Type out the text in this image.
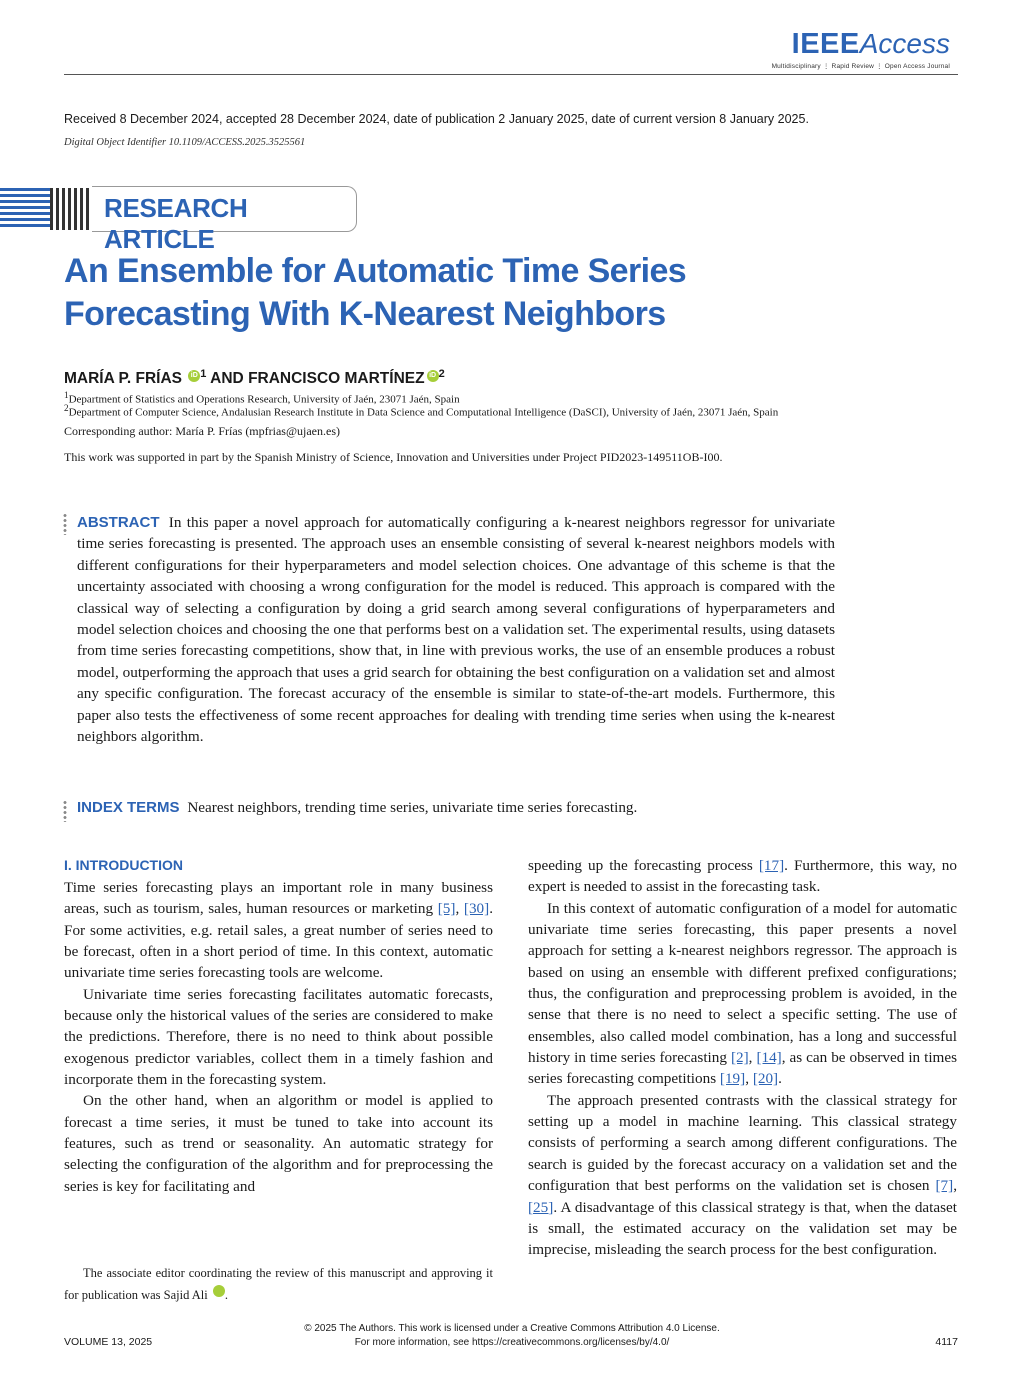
IEEEAccess
Multidisciplinary ⋮ Rapid Review ⋮ Open Access Journal
Received 8 December 2024, accepted 28 December 2024, date of publication 2 January 2025, date of current version 8 January 2025.
Digital Object Identifier 10.1109/ACCESS.2025.3525561
RESEARCH ARTICLE
An Ensemble for Automatic Time Series
Forecasting With K-Nearest Neighbors
MARÍA P. FRÍAS iD $^1$ AND FRANCISCO MARTÍNEZ iD $^2$
$^1$Department of Statistics and Operations Research, University of Jaén, 23071 Jaén, Spain
$^2$Department of Computer Science, Andalusian Research Institute in Data Science and Computational Intelligence (DaSCI), University of Jaén, 23071 Jaén, Spain
Corresponding author: María P. Frías (mpfrias@ujaen.es)
This work was supported in part by the Spanish Ministry of Science, Innovation and Universities under Project PID2023-149511OB-I00.
ABSTRACT In this paper a novel approach for automatically configuring a k-nearest neighbors regressor for univariate time series forecasting is presented. The approach uses an ensemble consisting of several k-nearest neighbors models with different configurations for their hyperparameters and model selection choices. One advantage of this scheme is that the uncertainty associated with choosing a wrong configuration for the model is reduced. This approach is compared with the classical way of selecting a configuration by doing a grid search among several configurations of hyperparameters and model selection choices and choosing the one that performs best on a validation set. The experimental results, using datasets from time series forecasting competitions, show that, in line with previous works, the use of an ensemble produces a robust model, outperforming the approach that uses a grid search for obtaining the best configuration on a validation set and almost any specific configuration. The forecast accuracy of the ensemble is similar to state-of-the-art models. Furthermore, this paper also tests the effectiveness of some recent approaches for dealing with trending time series when using the k-nearest neighbors algorithm.
INDEX TERMS Nearest neighbors, trending time series, univariate time series forecasting.
I. INTRODUCTION

Time series forecasting plays an important role in many business areas, such as tourism, sales, human resources or marketing [5], [30]. For some activities, e.g. retail sales, a great number of series need to be forecast, often in a short period of time. In this context, automatic univariate time series forecasting tools are welcome.

Univariate time series forecasting facilitates automatic forecasts, because only the historical values of the series are considered to make the predictions. Therefore, there is no need to think about possible exogenous predictor variables, collect them in a timely fashion and incorporate them in the forecasting system.

On the other hand, when an algorithm or model is applied to forecast a time series, it must be tuned to take into account its features, such as trend or seasonality. An automatic strategy for selecting the configuration of the algorithm and for preprocessing the series is key for facilitating and

The associate editor coordinating the review of this manuscript and approving it for publication was Sajid Ali	iD.

speeding up the forecasting process [17]. Furthermore, this way, no expert is needed to assist in the forecasting task.

In this context of automatic configuration of a model for automatic univariate time series forecasting, this paper presents a novel approach for setting a k-nearest neighbors regressor. The approach is based on using an ensemble with different prefixed configurations; thus, the configuration and preprocessing problem is avoided, in the sense that there is no need to select a specific setting. The use of ensembles, also called model combination, has a long and successful history in time series forecasting [2], [14], as can be observed in times series forecasting competitions [19], [20].

The approach presented contrasts with the classical strategy for setting up a model in machine learning. This classical strategy consists of performing a search among different configurations. The search is guided by the forecast accuracy on a validation set and the configuration that best performs on the validation set is chosen [7], [25]. A disadvantage of this classical strategy is that, when the dataset is small, the estimated accuracy on the validation set may be imprecise, misleading the search process for the best configuration.

© 2025 The Authors. This work is licensed under a Creative Commons Attribution 4.0 License.
For more information, see https://creativecommons.org/licenses/by/4.0/
VOLUME 13, 2025	4117
